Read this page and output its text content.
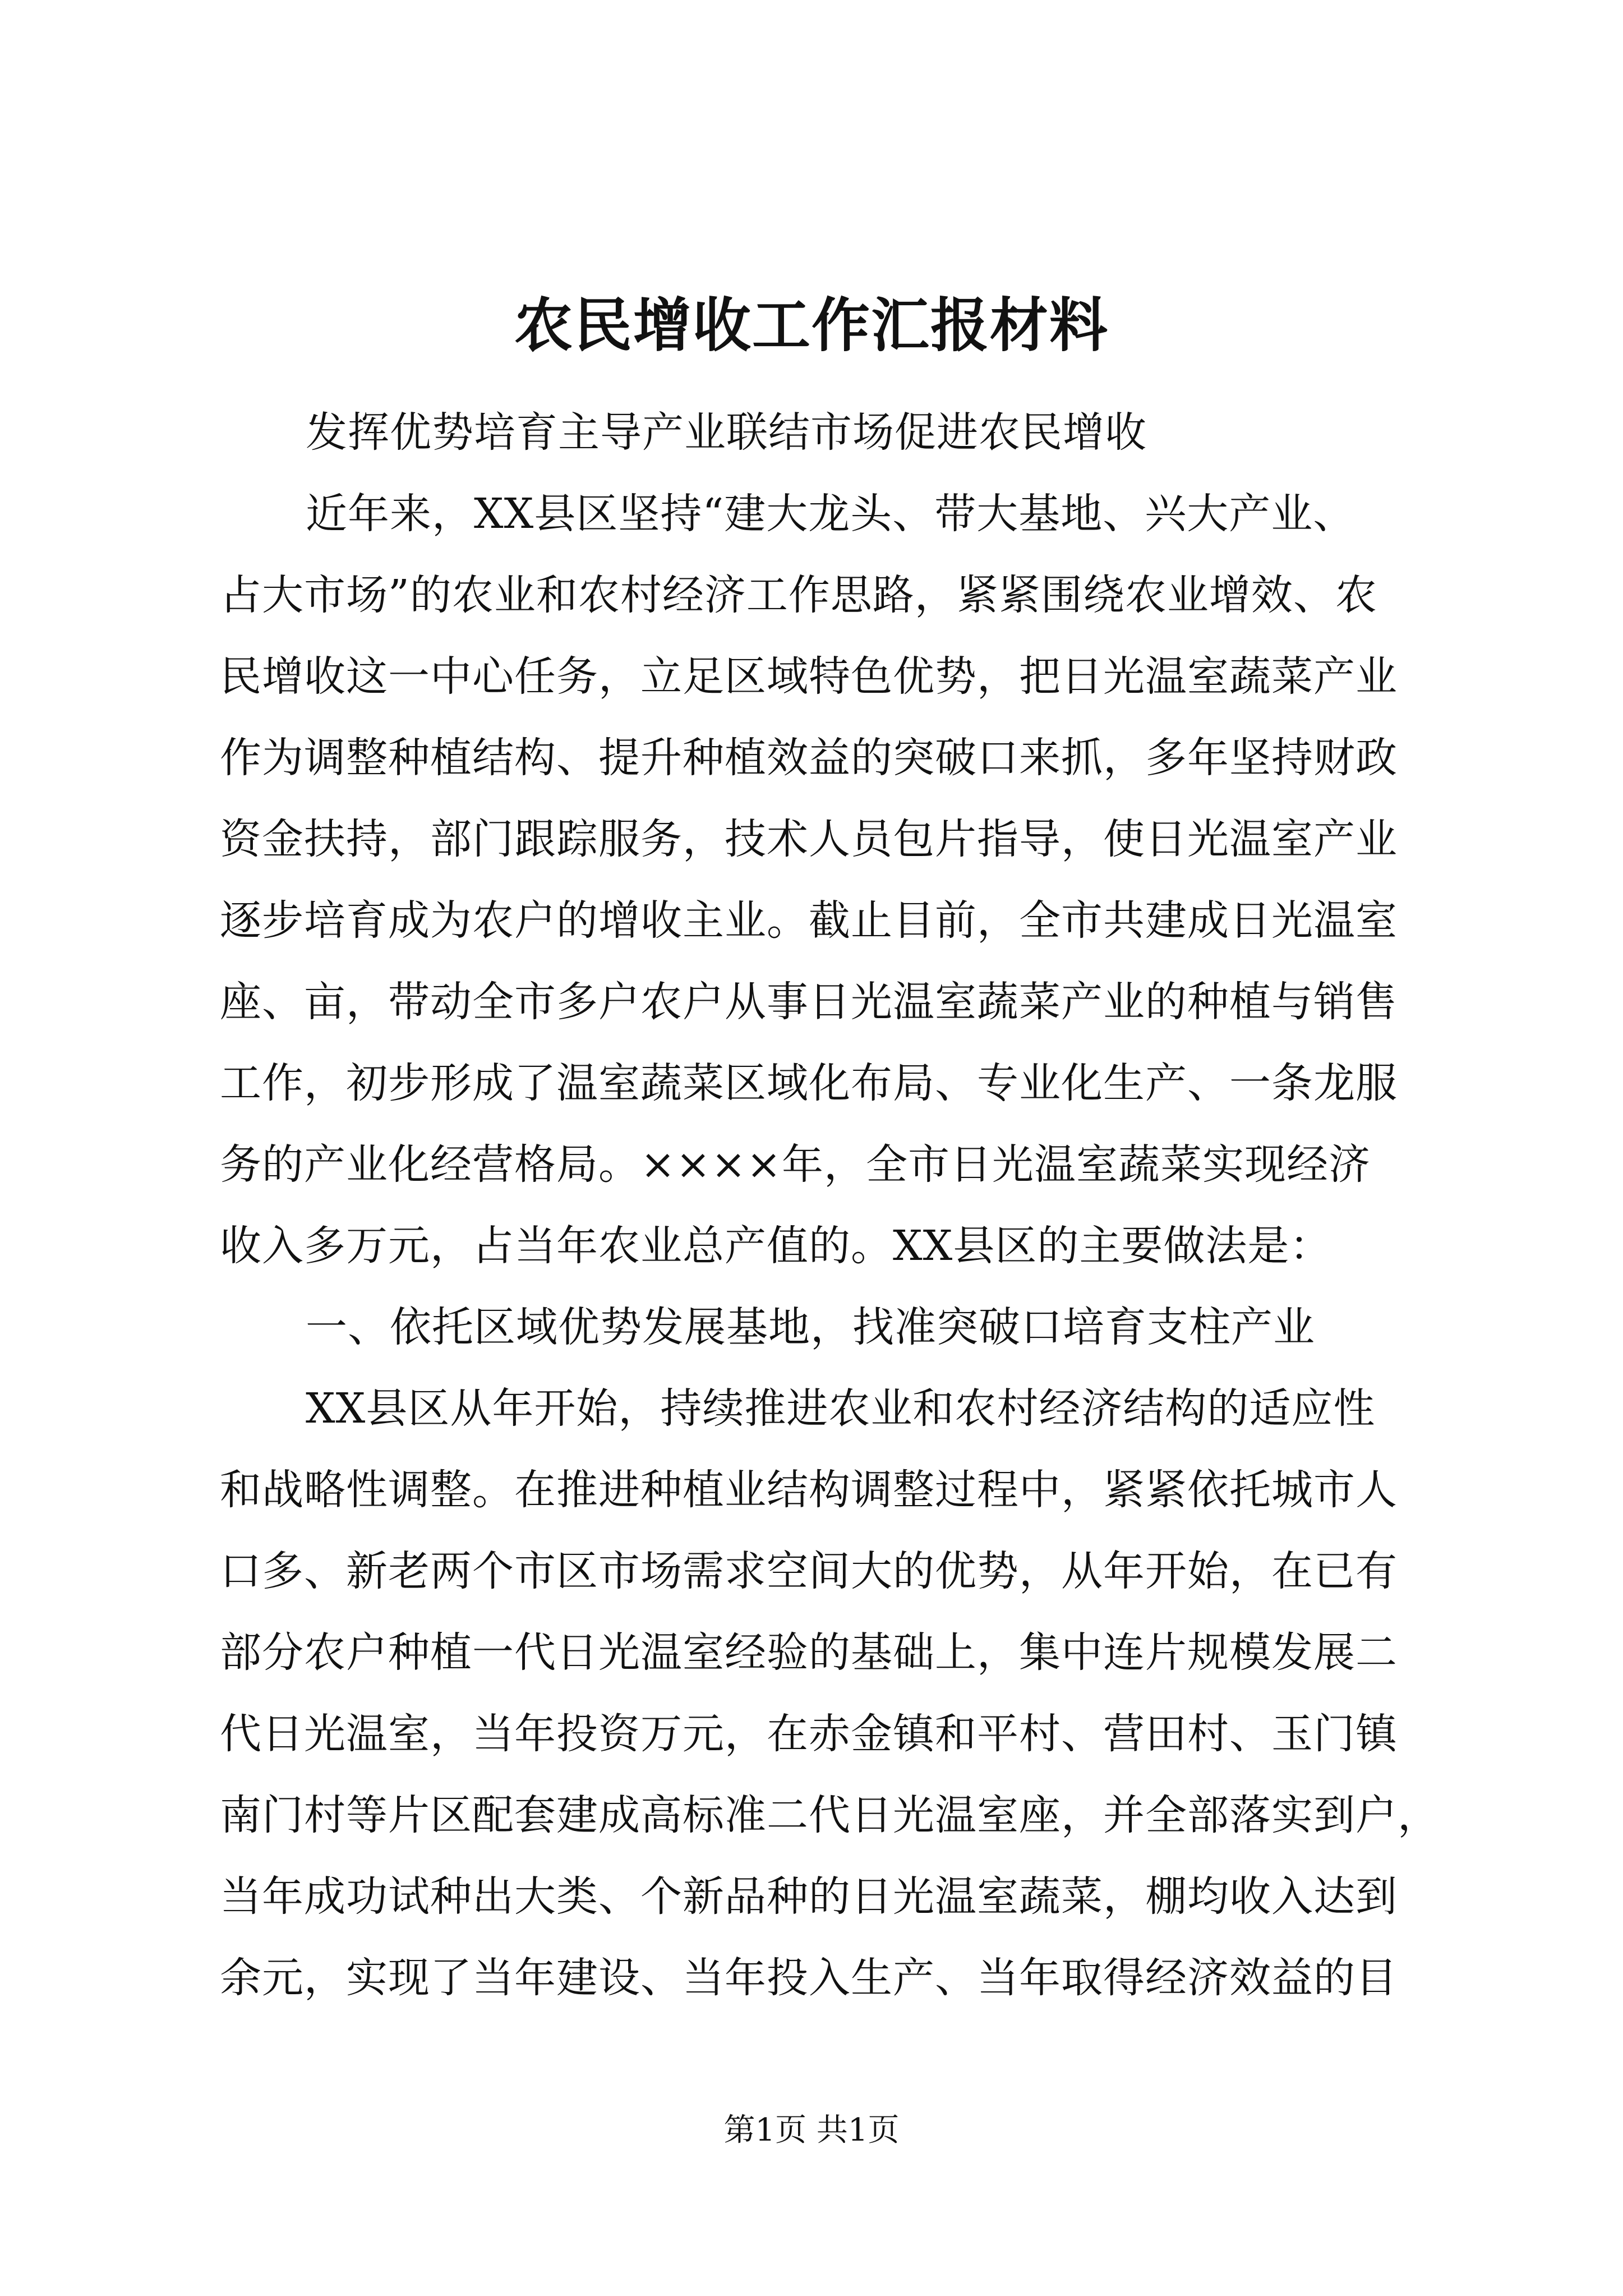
农民增收工作汇报材料
发挥优势培育主导产业联结市场促进农民增收
近年来，XX县区坚持“建大龙头、带大基地、兴大产业、
占大市场”的农业和农村经济工作思路，紧紧围绕农业增效、农
民增收这一中心任务，立足区域特色优势，把日光温室蔬菜产业
作为调整种植结构、提升种植效益的突破口来抓，多年坚持财政
资金扶持，部门跟踪服务，技术人员包片指导，使日光温室产业
逐步培育成为农户的增收主业。截止目前，全市共建成日光温室
座、亩，带动全市多户农户从事日光温室蔬菜产业的种植与销售
工作，初步形成了温室蔬菜区域化布局、专业化生产、一条龙服
务的产业化经营格局。××××年，全市日光温室蔬菜实现经济
收入多万元，占当年农业总产值的。XX县区的主要做法是：
一、依托区域优势发展基地，找准突破口培育支柱产业
XX县区从年开始，持续推进农业和农村经济结构的适应性
和战略性调整。在推进种植业结构调整过程中，紧紧依托城市人
口多、新老两个市区市场需求空间大的优势，从年开始，在已有
部分农户种植一代日光温室经验的基础上，集中连片规模发展二
代日光温室，当年投资万元，在赤金镇和平村、营田村、玉门镇
南门村等片区配套建成高标准二代日光温室座，并全部落实到户，
当年成功试种出大类、个新品种的日光温室蔬菜，棚均收入达到
余元，实现了当年建设、当年投入生产、当年取得经济效益的目
第1页 共1页
